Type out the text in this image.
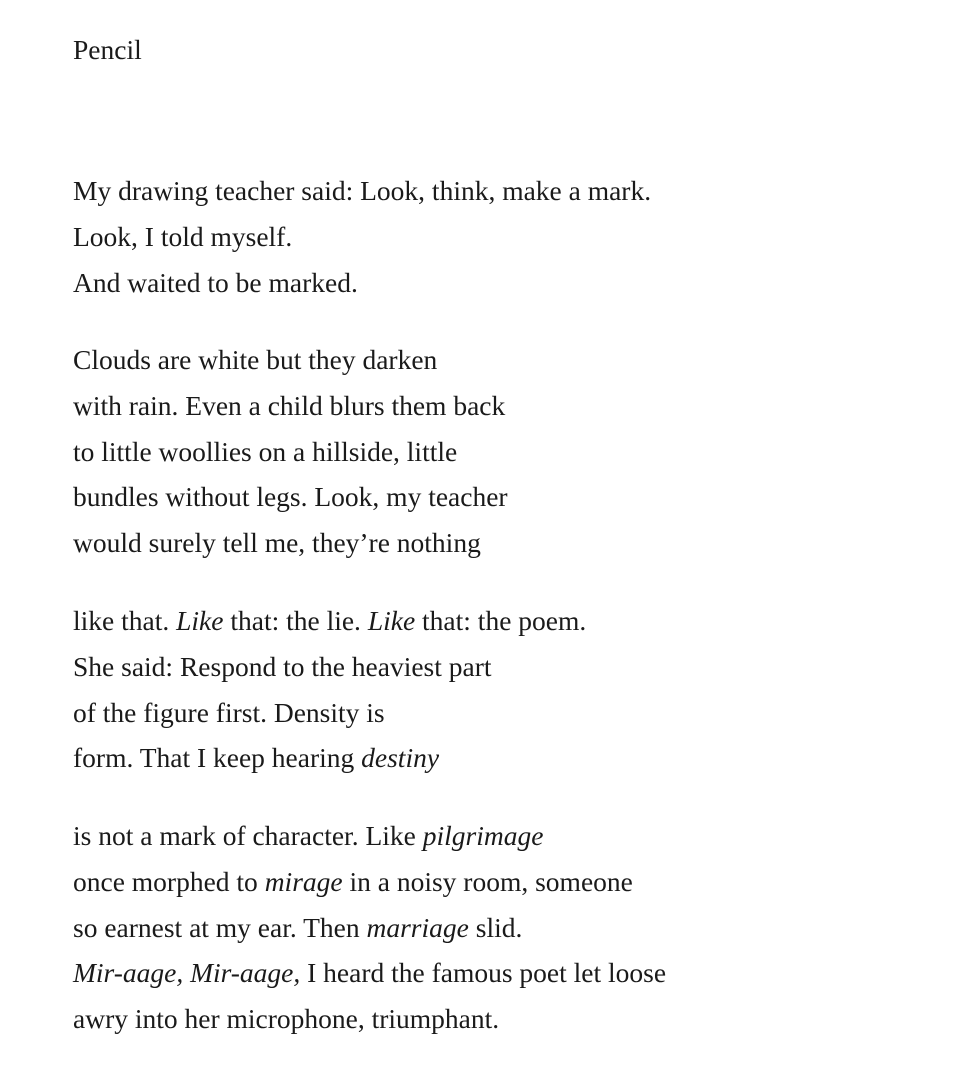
Pencil
My drawing teacher said: Look, think, make a mark.
Look, I told myself.
And waited to be marked.
Clouds are white but they darken
with rain. Even a child blurs them back
to little woollies on a hillside, little
bundles without legs. Look, my teacher
would surely tell me, they’re nothing
like that. Like that: the lie. Like that: the poem.
She said: Respond to the heaviest part
of the figure first. Density is
form. That I keep hearing destiny
is not a mark of character. Like pilgrimage
once morphed to mirage in a noisy room, someone
so earnest at my ear. Then marriage slid.
Mir-aage, Mir-aage, I heard the famous poet let loose
awry into her microphone, triumphant.
